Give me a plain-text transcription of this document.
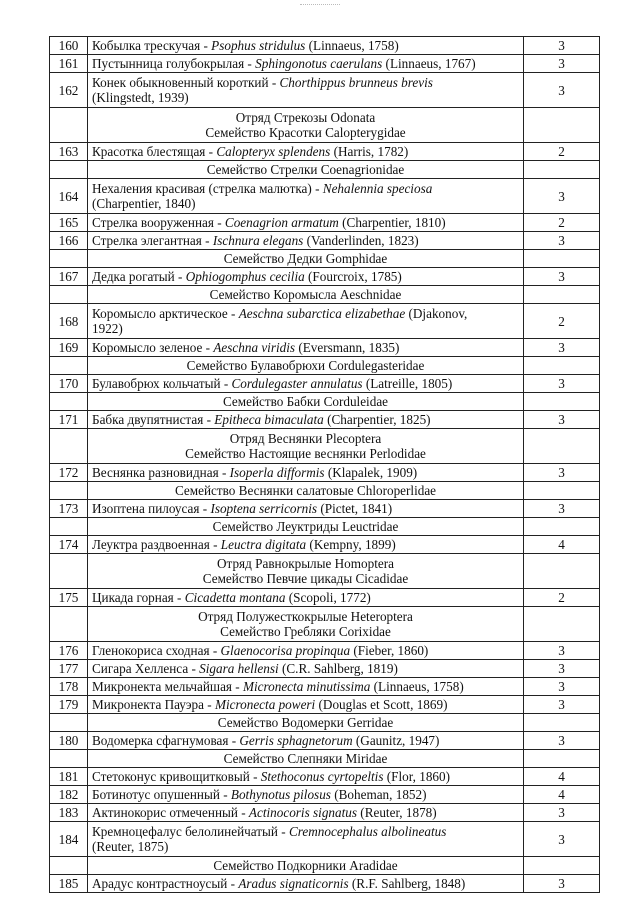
160	Кобылка трескучая - Psophus stridulus (Linnaeus, 1758)	3
161	Пустынница голубокрылая - Sphingonotus caerulans (Linnaeus, 1767)	3
162	Конек обыкновенный короткий - Chorthippus brunneus brevis
(Klingstedt, 1939)	3

	Отряд Стрекозы Odonata
Семейство Красотки Calopterygidae	

163	Красотка блестящая - Calopteryx splendens (Harris, 1782)	2

	Семейство Стрелки Coenagrionidae	

164	Нехаления красивая (стрелка малютка) - Nehalennia speciosa
(Charpentier, 1840)	3
165	Стрелка вооруженная - Coenagrion armatum (Charpentier, 1810)	2
166	Стрелка элегантная - Ischnura elegans (Vanderlinden, 1823)	3

	Семейство Дедки Gomphidae	

167	Дедка рогатый - Ophiogomphus cecilia (Fourcroix, 1785)	3

	Семейство Коромысла Aeschnidae	

168	Коромысло арктическое - Aeschna subarctica elizabethae (Djakonov,
1922)	2
169	Коромысло зеленое - Aeschna viridis (Eversmann, 1835)	3

	Семейство Булавобрюхи Cordulegasteridae	

170	Булавобрюх кольчатый - Cordulegaster annulatus (Latreille, 1805)	3

	Семейство Бабки Corduleidae	

171	Бабка двупятнистая - Epitheca bimaculata (Charpentier, 1825)	3

	Отряд Веснянки Plecoptera
Семейство Настоящие веснянки Perlodidae	

172	Веснянка разновидная - Isoperla difformis (Klapalek, 1909)	3

	Семейство Веснянки салатовые Chloroperlidae	

173	Изоптена пилоусая - Isoptena serricornis (Pictet, 1841)	3

	Семейство Леуктриды Leuctridae	

174	Леуктра раздвоенная - Leuctra digitata (Kempny, 1899)	4

	Отряд Равнокрылые Homoptera
Семейство Певчие цикады Cicadidae	

175	Цикада горная - Cicadetta montana (Scopoli, 1772)	2

	Отряд Полужесткокрылые Heteroptera
Семейство Гребляки Corixidae	

176	Гленокориса сходная - Glaenocorisa propinqua (Fieber, 1860)	3
177	Сигара Хелленса - Sigara hellensi (C.R. Sahlberg, 1819)	3
178	Микронекта мельчайшая - Micronecta minutissima (Linnaeus, 1758)	3
179	Микронекта Пауэра - Micronecta poweri (Douglas et Scott, 1869)	3

	Семейство Водомерки Gerridae	

180	Водомерка сфагнумовая - Gerris sphagnetorum (Gaunitz, 1947)	3

	Семейство Слепняки Miridae	

181	Стетоконус кривощитковый - Stethoconus cyrtopeltis (Flor, 1860)	4
182	Ботинотус опушенный - Bothynotus pilosus (Boheman, 1852)	4
183	Актинокорис отмеченный - Actinocoris signatus (Reuter, 1878)	3
184	Кремноцефалус белолинейчатый - Cremnocephalus albolineatus
(Reuter, 1875)	3

	Семейство Подкорники Aradidae	

185	Арадус контрастноусый - Aradus signaticornis (R.F. Sahlberg, 1848)	3
